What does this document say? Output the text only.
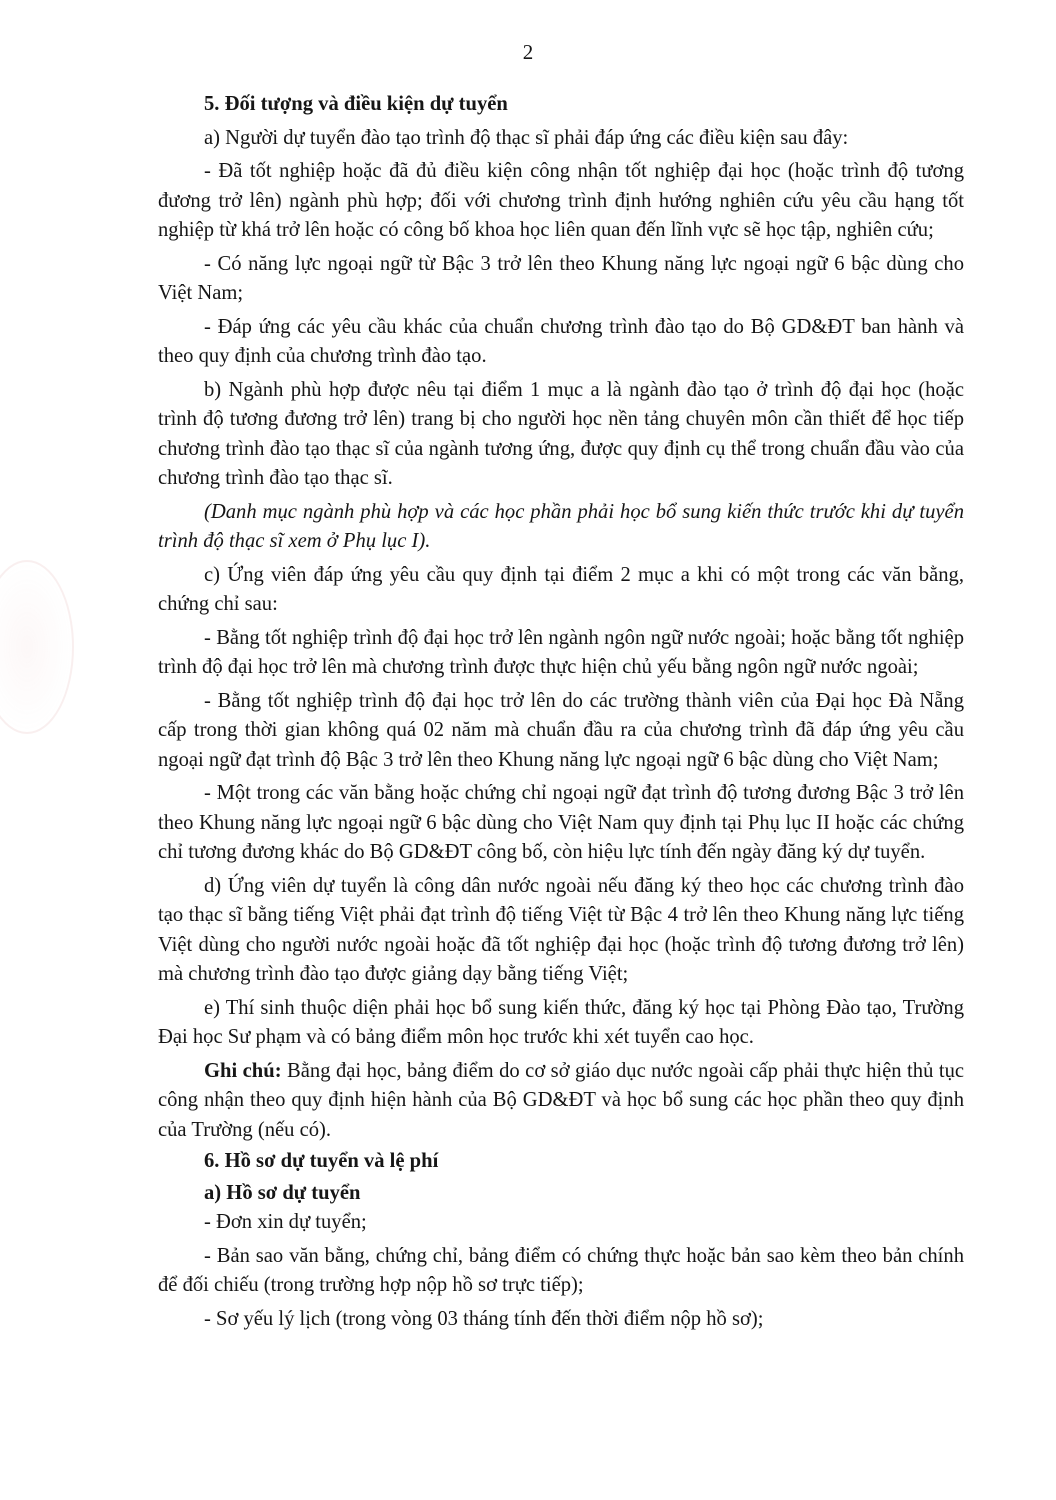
2
5. Đối tượng và điều kiện dự tuyển

a) Người dự tuyển đào tạo trình độ thạc sĩ phải đáp ứng các điều kiện sau đây:

- Đã tốt nghiệp hoặc đã đủ điều kiện công nhận tốt nghiệp đại học (hoặc trình độ tương đương trở lên) ngành phù hợp; đối với chương trình định hướng nghiên cứu yêu cầu hạng tốt nghiệp từ khá trở lên hoặc có công bố khoa học liên quan đến lĩnh vực sẽ học tập, nghiên cứu;

- Có năng lực ngoại ngữ từ Bậc 3 trở lên theo Khung năng lực ngoại ngữ 6 bậc dùng cho Việt Nam;

- Đáp ứng các yêu cầu khác của chuẩn chương trình đào tạo do Bộ GD&ĐT ban hành và theo quy định của chương trình đào tạo.

b) Ngành phù hợp được nêu tại điểm 1 mục a là ngành đào tạo ở trình độ đại học (hoặc trình độ tương đương trở lên) trang bị cho người học nền tảng chuyên môn cần thiết để học tiếp chương trình đào tạo thạc sĩ của ngành tương ứng, được quy định cụ thể trong chuẩn đầu vào của chương trình đào tạo thạc sĩ.

(Danh mục ngành phù hợp và các học phần phải học bổ sung kiến thức trước khi dự tuyển trình độ thạc sĩ xem ở Phụ lục I).

c) Ứng viên đáp ứng yêu cầu quy định tại điểm 2 mục a khi có một trong các văn bằng, chứng chỉ sau:

- Bằng tốt nghiệp trình độ đại học trở lên ngành ngôn ngữ nước ngoài; hoặc bằng tốt nghiệp trình độ đại học trở lên mà chương trình được thực hiện chủ yếu bằng ngôn ngữ nước ngoài;

- Bằng tốt nghiệp trình độ đại học trở lên do các trường thành viên của Đại học Đà Nẵng cấp trong thời gian không quá 02 năm mà chuẩn đầu ra của chương trình đã đáp ứng yêu cầu ngoại ngữ đạt trình độ Bậc 3 trở lên theo Khung năng lực ngoại ngữ 6 bậc dùng cho Việt Nam;

- Một trong các văn bằng hoặc chứng chỉ ngoại ngữ đạt trình độ tương đương Bậc 3 trở lên theo Khung năng lực ngoại ngữ 6 bậc dùng cho Việt Nam quy định tại Phụ lục II hoặc các chứng chỉ tương đương khác do Bộ GD&ĐT công bố, còn hiệu lực tính đến ngày đăng ký dự tuyển.

d) Ứng viên dự tuyển là công dân nước ngoài nếu đăng ký theo học các chương trình đào tạo thạc sĩ bằng tiếng Việt phải đạt trình độ tiếng Việt từ Bậc 4 trở lên theo Khung năng lực tiếng Việt dùng cho người nước ngoài hoặc đã tốt nghiệp đại học (hoặc trình độ tương đương trở lên) mà chương trình đào tạo được giảng dạy bằng tiếng Việt;

e) Thí sinh thuộc diện phải học bổ sung kiến thức, đăng ký học tại Phòng Đào tạo, Trường Đại học Sư phạm và có bảng điểm môn học trước khi xét tuyển cao học.

Ghi chú: Bằng đại học, bảng điểm do cơ sở giáo dục nước ngoài cấp phải thực hiện thủ tục công nhận theo quy định hiện hành của Bộ GD&ĐT và học bổ sung các học phần theo quy định của Trường (nếu có).

6. Hồ sơ dự tuyển và lệ phí
a) Hồ sơ dự tuyển

- Đơn xin dự tuyển;

- Bản sao văn bằng, chứng chỉ, bảng điểm có chứng thực hoặc bản sao kèm theo bản chính để đối chiếu (trong trường hợp nộp hồ sơ trực tiếp);

- Sơ yếu lý lịch (trong vòng 03 tháng tính đến thời điểm nộp hồ sơ);
